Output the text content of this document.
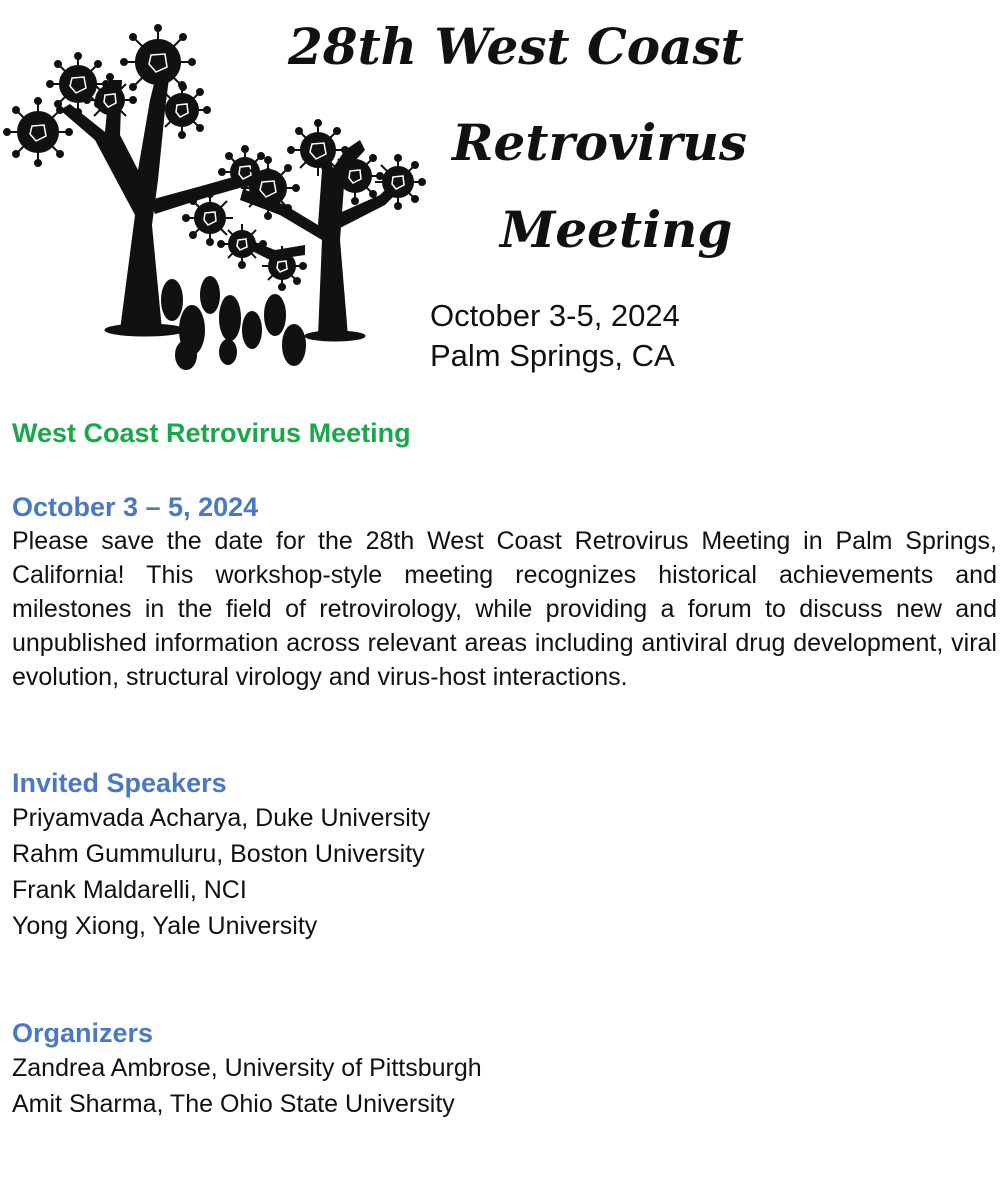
28th West Coast
Retrovirus
Meeting
October 3-5, 2024
Palm Springs, CA

West Coast Retrovirus Meeting

October 3 – 5, 2024

Please save the date for the 28th West Coast Retrovirus Meeting in Palm Springs, California! This workshop-style meeting recognizes historical achievements and milestones in the field of retrovirology, while providing a forum to discuss new and unpublished information across relevant areas including antiviral drug development, viral evolution, structural virology and virus-host interactions.

Invited Speakers

Priyamvada Acharya, Duke University

Rahm Gummuluru, Boston University

Frank Maldarelli, NCI

Yong Xiong, Yale University

Organizers

Zandrea Ambrose, University of Pittsburgh

Amit Sharma, The Ohio State University
